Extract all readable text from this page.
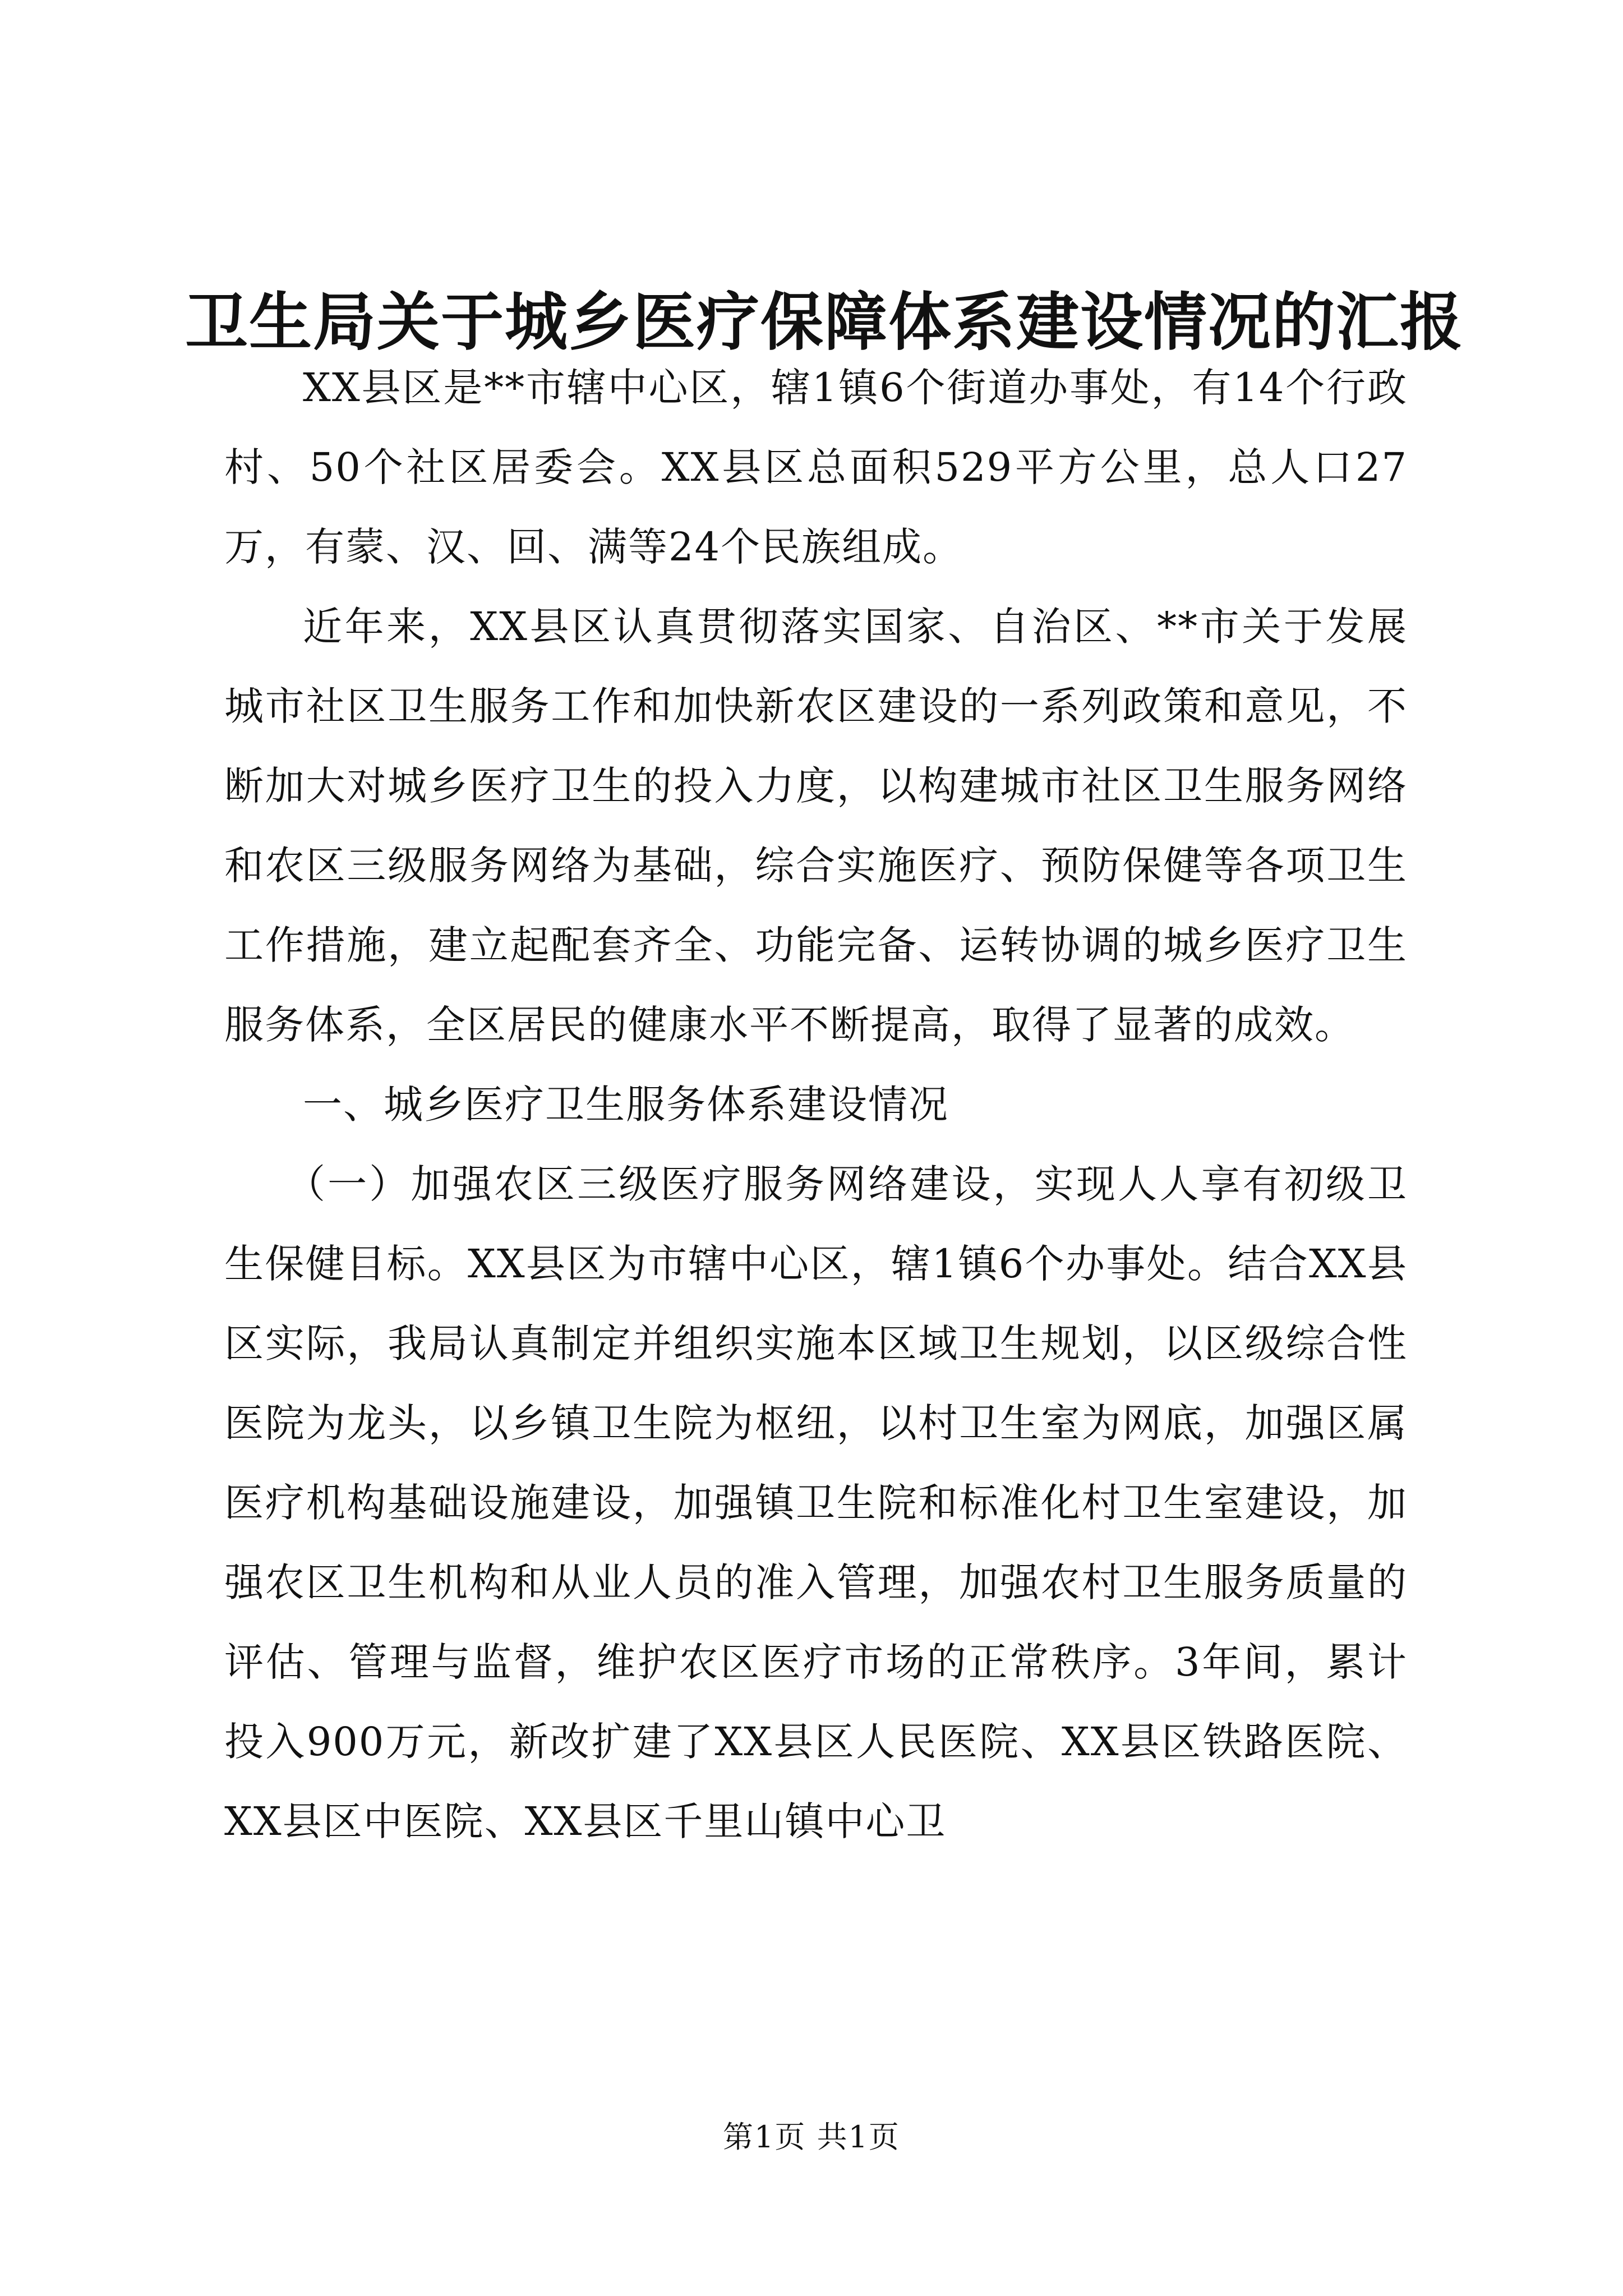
卫生局关于城乡医疗保障体系建设情况的汇报

XX县区是**市辖中心区，辖1镇6个街道办事处，有14个行政村、50个社区居委会。XX县区总面积529平方公里，总人口27万，有蒙、汉、回、满等24个民族组成。

近年来，XX县区认真贯彻落实国家、自治区、**市关于发展城市社区卫生服务工作和加快新农区建设的一系列政策和意见，不断加大对城乡医疗卫生的投入力度，以构建城市社区卫生服务网络和农区三级服务网络为基础，综合实施医疗、预防保健等各项卫生工作措施，建立起配套齐全、功能完备、运转协调的城乡医疗卫生服务体系，全区居民的健康水平不断提高，取得了显著的成效。

一、城乡医疗卫生服务体系建设情况

（一）加强农区三级医疗服务网络建设，实现人人享有初级卫生保健目标。XX县区为市辖中心区，辖1镇6个办事处。结合XX县区实际，我局认真制定并组织实施本区域卫生规划，以区级综合性医院为龙头，以乡镇卫生院为枢纽，以村卫生室为网底，加强区属医疗机构基础设施建设，加强镇卫生院和标准化村卫生室建设，加强农区卫生机构和从业人员的准入管理，加强农村卫生服务质量的评估、管理与监督，维护农区医疗市场的正常秩序。3年间，累计投入900万元，新改扩建了XX县区人民医院、XX县区铁路医院、XX县区中医院、XX县区千里山镇中心卫

第1页 共1页
